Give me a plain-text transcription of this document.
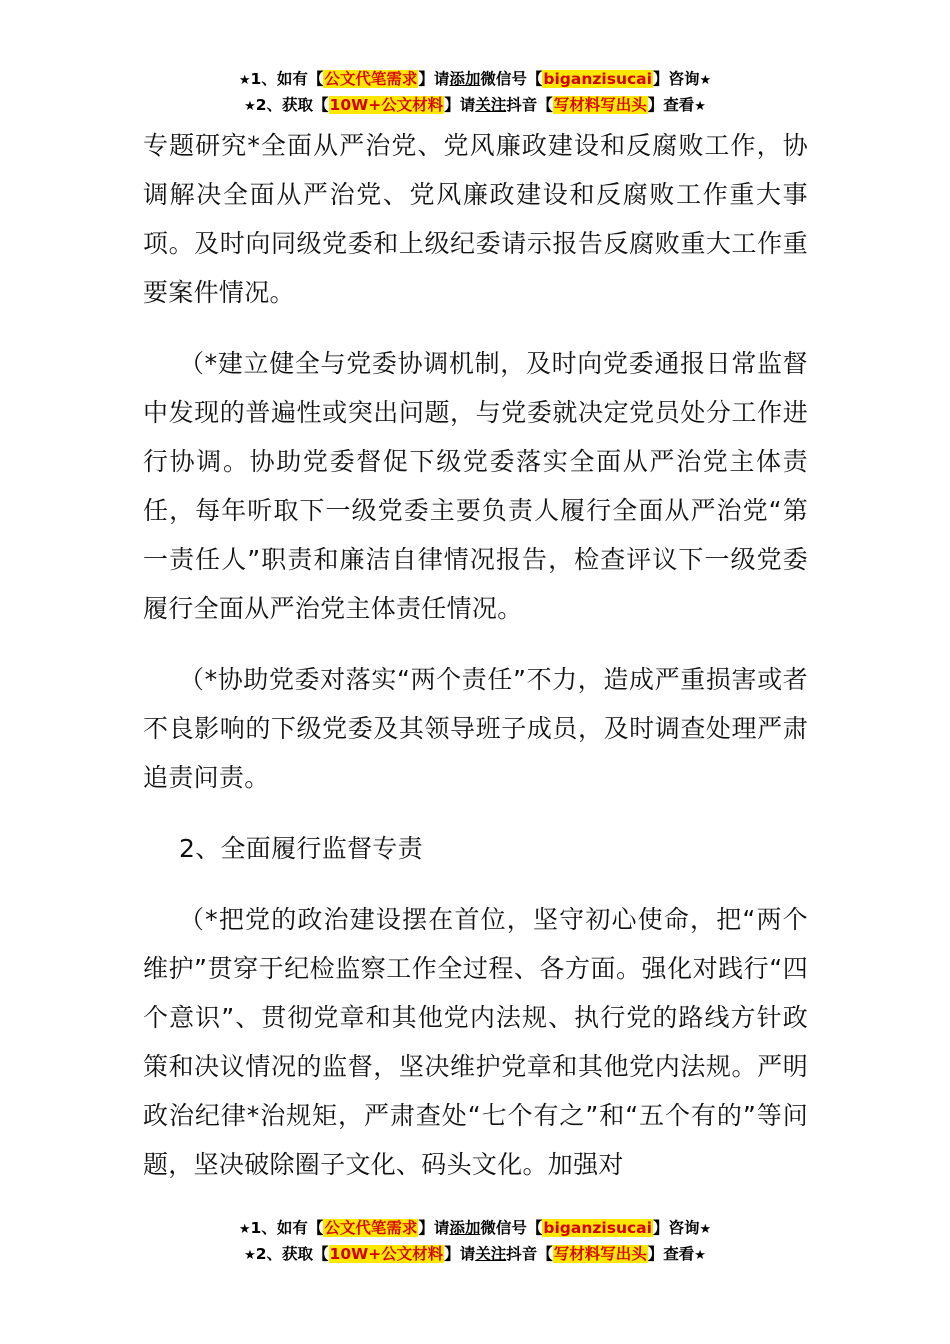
★1、如有【公文代笔需求】请添加微信号【biganzisucai】咨询★
★2、获取【10W+公文材料】请关注抖音【写材料写出头】查看★

专题研究*全面从严治党、党风廉政建设和反腐败工作，协调解决全面从严治党、党风廉政建设和反腐败工作重大事项。及时向同级党委和上级纪委请示报告反腐败重大工作重要案件情况。

（*建立健全与党委协调机制，及时向党委通报日常监督中发现的普遍性或突出问题，与党委就决定党员处分工作进行协调。协助党委督促下级党委落实全面从严治党主体责任，每年听取下一级党委主要负责人履行全面从严治党“第一责任人”职责和廉洁自律情况报告，检查评议下一级党委履行全面从严治党主体责任情况。

（*协助党委对落实“两个责任”不力，造成严重损害或者不良影响的下级党委及其领导班子成员，及时调查处理严肃追责问责。

2、全面履行监督专责

（*把党的政治建设摆在首位，坚守初心使命，把“两个维护”贯穿于纪检监察工作全过程、各方面。强化对践行“四个意识”、贯彻党章和其他党内法规、执行党的路线方针政策和决议情况的监督，坚决维护党章和其他党内法规。严明政治纪律*治规矩，严肃查处“七个有之”和“五个有的”等问题，坚决破除圈子文化、码头文化。加强对

★1、如有【公文代笔需求】请添加微信号【biganzisucai】咨询★
★2、获取【10W+公文材料】请关注抖音【写材料写出头】查看★
